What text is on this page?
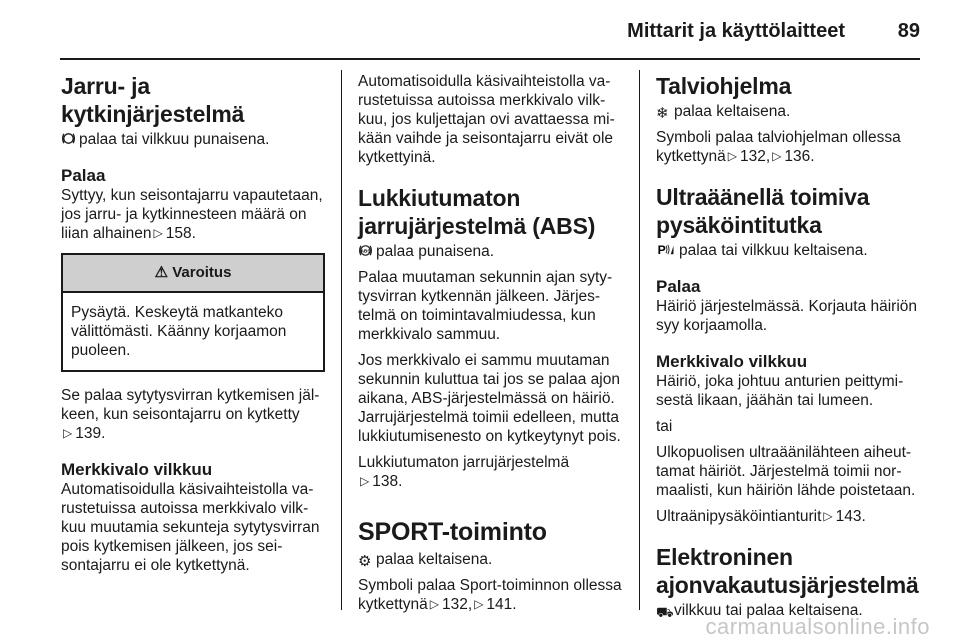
Mittarit ja käyttölaitteet	89
Jarru- ja kytkinjärjestelmä

palaa tai vilkkuu punaisena.

Palaa

Syttyy, kun seisontajarru vapautetaan, jos jarru- ja kytkinnesteen määrä on liian alhainen ▷ 158.

⚠ Varoitus
Pysäytä. Keskeytä matkanteko välittömästi. Käänny korjaamon puoleen.

Se palaa sytytysvirran kytkemisen jälkeen, kun seisontajarru on kytketty
▷ 139.

Merkkivalo vilkkuu

Automatisoidulla käsivaihteistolla varustetuissa autoissa merkkivalo vilkkuu muutamia sekunteja sytytysvirran pois kytkemisen jälkeen, jos seisontajarru ei ole kytkettynä.

Automatisoidulla käsivaihteistolla varustetuissa autoissa merkkivalo vilkkuu, jos kuljettajan ovi avattaessa mikään vaihde ja seisontajarru eivät ole kytkettyinä.

Lukkiutumaton jarrujärjestelmä (ABS)

ABS palaa punaisena.

Palaa muutaman sekunnin ajan sytytysvirran kytkennän jälkeen. Järjestelmä on toimintavalmiudessa, kun merkkivalo sammuu.

Jos merkkivalo ei sammu muutaman sekunnin kuluttua tai jos se palaa ajon aikana, ABS-järjestelmässä on häiriö. Jarrujärjestelmä toimii edelleen, mutta lukkiutumisenesto on kytkeytynyt pois.

Lukkiutumaton jarrujärjestelmä
▷ 138.

SPORT-toiminto

⚙ palaa keltaisena.

Symboli palaa Sport-toiminnon ollessa kytkettynä ▷ 132, ▷ 141.

Talviohjelma

❄ palaa keltaisena.

Symboli palaa talviohjelman ollessa kytkettynä ▷ 132, ▷ 136.

Ultraäänellä toimiva pysäköintitutka

P palaa tai vilkkuu keltaisena.

Palaa

Häiriö järjestelmässä. Korjauta häiriön syy korjaamolla.

Merkkivalo vilkkuu

Häiriö, joka johtuu anturien peittymisestä likaan, jäähän tai lumeen.

tai

Ulkopuolisen ultraäänilähteen aiheuttamat häiriöt. Järjestelmä toimii normaalisti, kun häiriön lähde poistetaan.

Ultraänipysäköintianturit ▷ 143.

Elektroninen ajonvakautusjärjestelmä

⛟vilkkuu tai palaa keltaisena.

carmanualsonline.info
